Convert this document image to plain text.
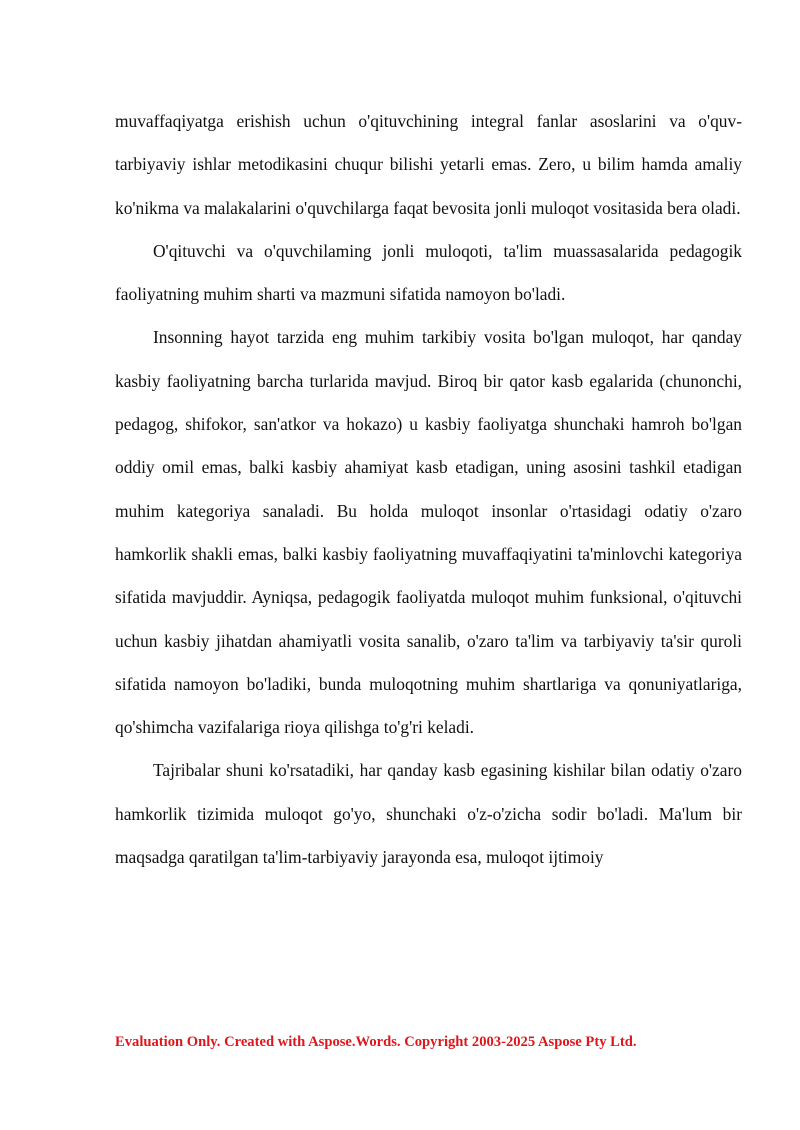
muvaffaqiyatga erishish uchun o'qituvchining integral fanlar asoslarini va o'quv-tarbiyaviy ishlar metodikasini chuqur bilishi yetarli emas. Zero, u bilim hamda amaliy ko'nikma va malakalarini o'quvchilarga faqat bevosita jonli muloqot vositasida bera oladi.

O'qituvchi va o'quvchilaming jonli muloqoti, ta'lim muassasalarida pedagogik faoliyatning muhim sharti va mazmuni sifatida namoyon bo'ladi.

Insonning hayot tarzida eng muhim tarkibiy vosita bo'lgan muloqot, har qanday kasbiy faoliyatning barcha turlarida mavjud. Biroq bir qator kasb egalarida (chunonchi, pedagog, shifokor, san'atkor va hokazo) u kasbiy faoliyatga shunchaki hamroh bo'lgan oddiy omil emas, balki kasbiy ahamiyat kasb etadigan, uning asosini tashkil etadigan muhim kategoriya sanaladi. Bu holda muloqot insonlar o'rtasidagi odatiy o'zaro hamkorlik shakli emas, balki kasbiy faoliyatning muvaffaqiyatini ta'minlovchi kategoriya sifatida mavjuddir. Ayniqsa, pedagogik faoliyatda muloqot muhim funksional, o'qituvchi uchun kasbiy jihatdan ahamiyatli vosita sanalib, o'zaro ta'lim va tarbiyaviy ta'sir quroli sifatida namoyon bo'ladiki, bunda muloqotning muhim shartlariga va qonuniyatlariga, qo'shimcha vazifalariga rioya qilishga to'g'ri keladi.

Tajribalar shuni ko'rsatadiki, har qanday kasb egasining kishilar bilan odatiy o'zaro hamkorlik tizimida muloqot go'yo, shunchaki o'z-o'zicha sodir bo'ladi. Ma'lum bir maqsadga qaratilgan ta'lim-tarbiyaviy jarayonda esa, muloqot ijtimoiy

Evaluation Only. Created with Aspose.Words. Copyright 2003-2025 Aspose Pty Ltd.
